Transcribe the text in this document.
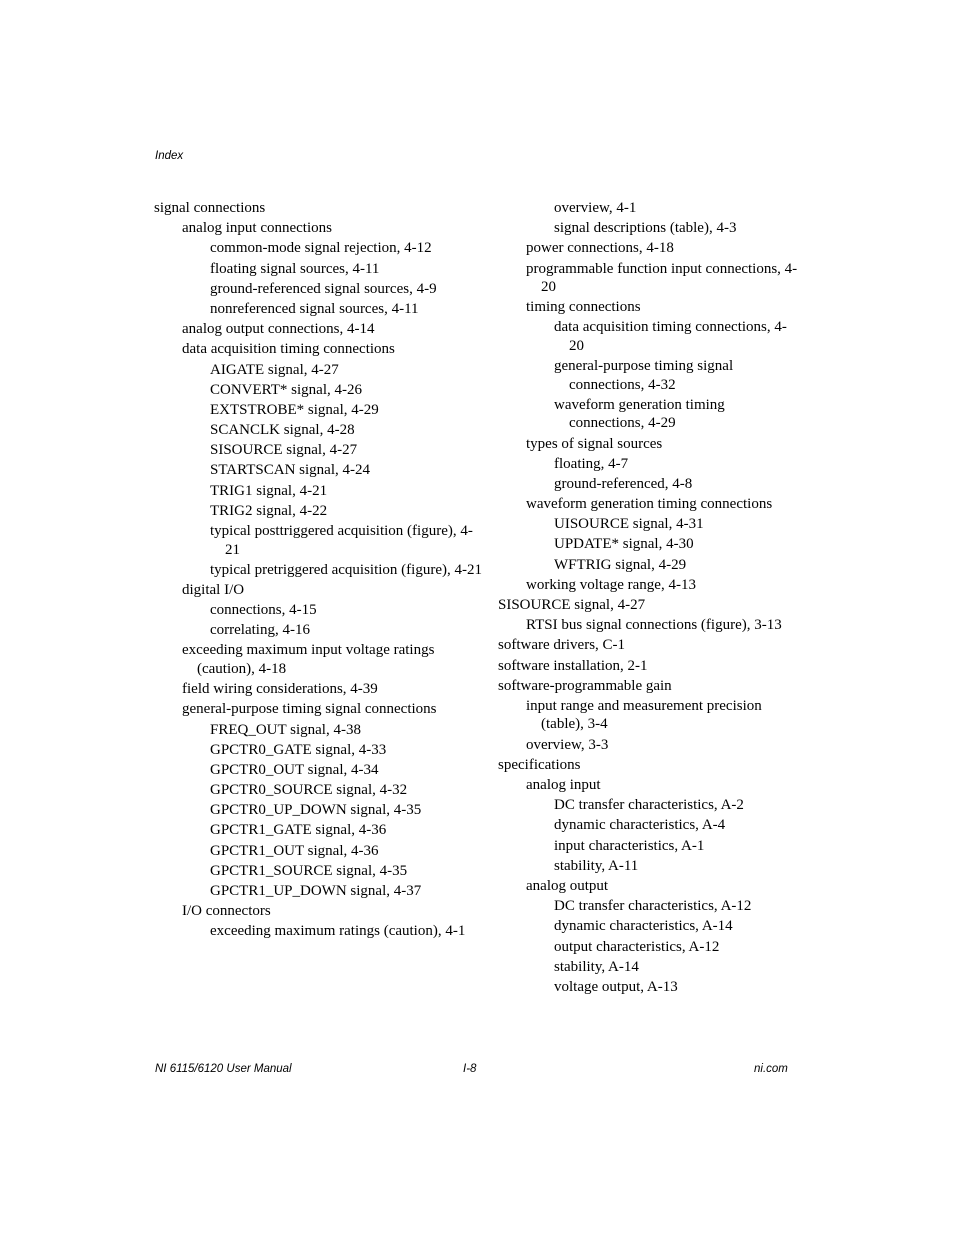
Index
signal connections
analog input connections
common-mode signal rejection, 4-12
floating signal sources, 4-11
ground-referenced signal sources, 4-9
nonreferenced signal sources, 4-11
analog output connections, 4-14
data acquisition timing connections
AIGATE signal, 4-27
CONVERT* signal, 4-26
EXTSTROBE* signal, 4-29
SCANCLK signal, 4-28
SISOURCE signal, 4-27
STARTSCAN signal, 4-24
TRIG1 signal, 4-21
TRIG2 signal, 4-22
typical posttriggered acquisition (figure), 4-21
typical pretriggered acquisition (figure), 4-21
digital I/O
connections, 4-15
correlating, 4-16
exceeding maximum input voltage ratings (caution), 4-18
field wiring considerations, 4-39
general-purpose timing signal connections
FREQ_OUT signal, 4-38
GPCTR0_GATE signal, 4-33
GPCTR0_OUT signal, 4-34
GPCTR0_SOURCE signal, 4-32
GPCTR0_UP_DOWN signal, 4-35
GPCTR1_GATE signal, 4-36
GPCTR1_OUT signal, 4-36
GPCTR1_SOURCE signal, 4-35
GPCTR1_UP_DOWN signal, 4-37
I/O connectors
exceeding maximum ratings (caution), 4-1
overview, 4-1
signal descriptions (table), 4-3
power connections, 4-18
programmable function input connections, 4-20
timing connections
data acquisition timing connections, 4-20
general-purpose timing signal connections, 4-32
waveform generation timing connections, 4-29
types of signal sources
floating, 4-7
ground-referenced, 4-8
waveform generation timing connections
UISOURCE signal, 4-31
UPDATE* signal, 4-30
WFTRIG signal, 4-29
working voltage range, 4-13
SISOURCE signal, 4-27
RTSI bus signal connections (figure), 3-13
software drivers, C-1
software installation, 2-1
software-programmable gain
input range and measurement precision (table), 3-4
overview, 3-3
specifications
analog input
DC transfer characteristics, A-2
dynamic characteristics, A-4
input characteristics, A-1
stability, A-11
analog output
DC transfer characteristics, A-12
dynamic characteristics, A-14
output characteristics, A-12
stability, A-14
voltage output, A-13
NI 6115/6120 User Manual	I-8	ni.com
